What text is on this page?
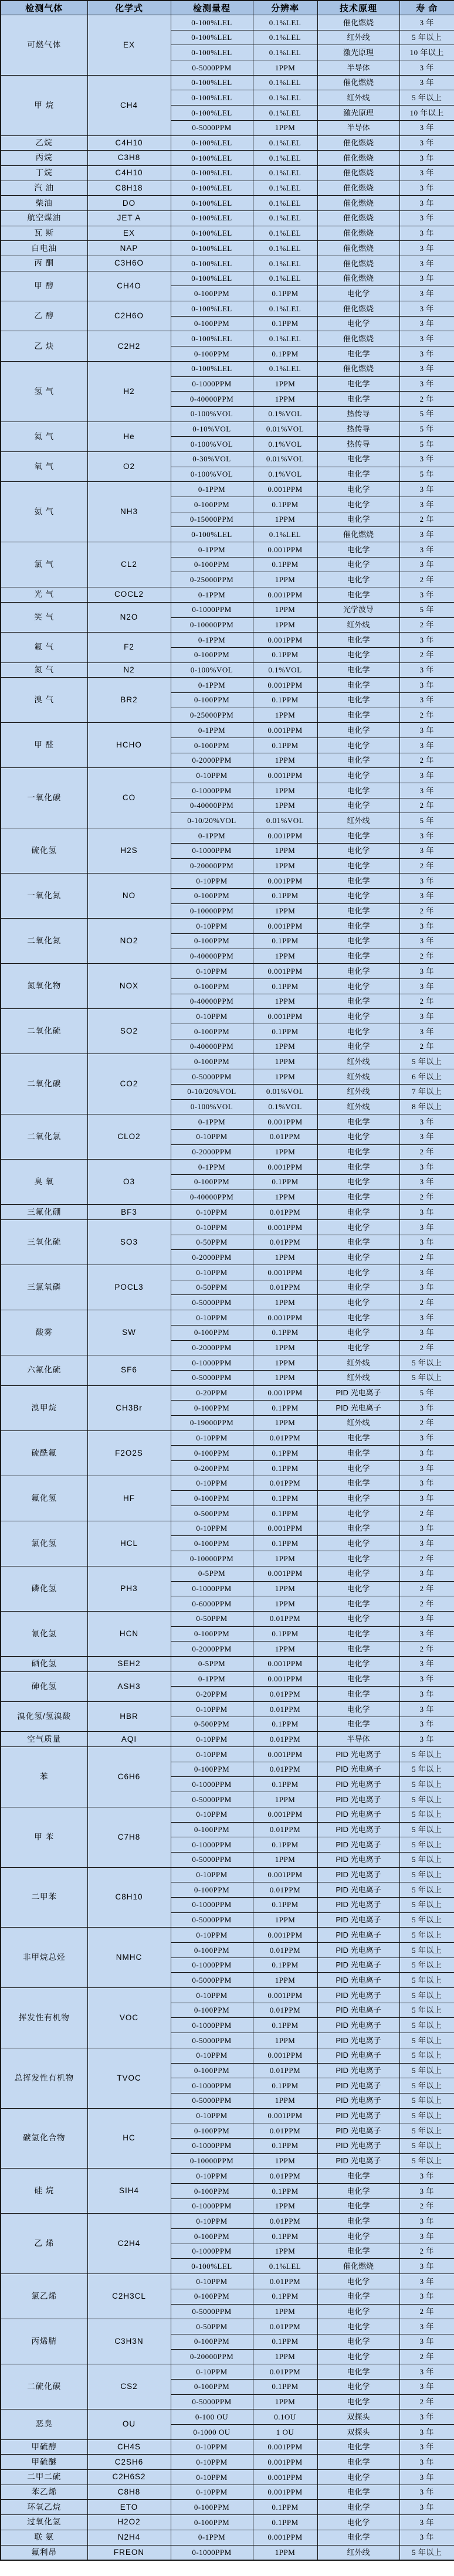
检测气体	化学式	检测量程	分辨率	技术原理	寿 命
可燃气体	EX	0-100%LEL	0.1%LEL	催化燃烧	3 年
		0-100%LEL	0.1%LEL	红外线	5 年以上
		0-100%LEL	0.1%LEL	激光原理	10 年以上
		0-5000PPM	1PPM	半导体	3 年
甲 烷	CH4	0-100%LEL	0.1%LEL	催化燃烧	3 年
		0-100%LEL	0.1%LEL	红外线	5 年以上
		0-100%LEL	0.1%LEL	激光原理	10 年以上
		0-5000PPM	1PPM	半导体	3 年
乙烷	C4H10	0-100%LEL	0.1%LEL	催化燃烧	3 年
丙烷	C3H8	0-100%LEL	0.1%LEL	催化燃烧	3 年
丁烷	C4H10	0-100%LEL	0.1%LEL	催化燃烧	3 年
汽 油	C8H18	0-100%LEL	0.1%LEL	催化燃烧	3 年
柴油	DO	0-100%LEL	0.1%LEL	催化燃烧	3 年
航空煤油	JET A	0-100%LEL	0.1%LEL	催化燃烧	3 年
瓦 斯	EX	0-100%LEL	0.1%LEL	催化燃烧	3 年
白电油	NAP	0-100%LEL	0.1%LEL	催化燃烧	3 年
丙 酮	C3H6O	0-100%LEL	0.1%LEL	催化燃烧	3 年
甲 醇	CH4O	0-100%LEL	0.1%LEL	催化燃烧	3 年
		0-100PPM	0.1PPM	电化学	3 年
乙 醇	C2H6O	0-100%LEL	0.1%LEL	催化燃烧	3 年
		0-100PPM	0.1PPM	电化学	3 年
乙 炔	C2H2	0-100%LEL	0.1%LEL	催化燃烧	3 年
		0-100PPM	0.1PPM	电化学	3 年
氢 气	H2	0-100%LEL	0.1%LEL	催化燃烧	3 年
		0-1000PPM	1PPM	电化学	3 年
		0-40000PPM	1PPM	电化学	2 年
		0-100%VOL	0.1%VOL	热传导	5 年
氦 气	He	0-10%VOL	0.01%VOL	热传导	5 年
		0-100%VOL	0.1%VOL	热传导	5 年
氧 气	O2	0-30%VOL	0.01%VOL	电化学	3 年
		0-100%VOL	0.1%VOL	电化学	5 年
氨 气	NH3	0-1PPM	0.001PPM	电化学	3 年
		0-100PPM	0.1PPM	电化学	3 年
		0-15000PPM	1PPM	电化学	2 年
		0-100%LEL	0.1%LEL	催化燃烧	3 年
氯 气	CL2	0-1PPM	0.001PPM	电化学	3 年
		0-100PPM	0.1PPM	电化学	3 年
		0-25000PPM	1PPM	电化学	2 年
光 气	COCL2	0-1PPM	0.001PPM	电化学	3 年
笑 气	N2O	0-1000PPM	1PPM	光学波导	5 年
		0-10000PPM	1PPM	红外线	2 年
氟 气	F2	0-1PPM	0.001PPM	电化学	3 年
		0-100PPM	0.1PPM	电化学	2 年
氮 气	N2	0-100%VOL	0.1%VOL	电化学	3 年
溴 气	BR2	0-1PPM	0.001PPM	电化学	3 年
		0-100PPM	0.1PPM	电化学	3 年
		0-25000PPM	1PPM	电化学	2 年
甲 醛	HCHO	0-1PPM	0.001PPM	电化学	3 年
		0-100PPM	0.1PPM	电化学	3 年
		0-2000PPM	1PPM	电化学	2 年
一氧化碳	CO	0-10PPM	0.001PPM	电化学	3 年
		0-1000PPM	1PPM	电化学	3 年
		0-40000PPM	1PPM	电化学	2 年
		0-10/20%VOL	0.01%VOL	红外线	5 年
硫化氢	H2S	0-1PPM	0.001PPM	电化学	3 年
		0-1000PPM	1PPM	电化学	3 年
		0-20000PPM	1PPM	电化学	2 年
一氧化氮	NO	0-10PPM	0.001PPM	电化学	3 年
		0-100PPM	0.1PPM	电化学	3 年
		0-10000PPM	1PPM	电化学	2 年
二氧化氮	NO2	0-10PPM	0.001PPM	电化学	3 年
		0-100PPM	0.1PPM	电化学	3 年
		0-40000PPM	1PPM	电化学	2 年
氮氧化物	NOX	0-10PPM	0.001PPM	电化学	3 年
		0-100PPM	0.1PPM	电化学	3 年
		0-40000PPM	1PPM	电化学	2 年
二氧化硫	SO2	0-10PPM	0.001PPM	电化学	3 年
		0-100PPM	0.1PPM	电化学	3 年
		0-40000PPM	1PPM	电化学	2 年
二氧化碳	CO2	0-100PPM	1PPM	红外线	5 年以上
		0-5000PPM	1PPM	红外线	6 年以上
		0-10/20%VOL	0.01%VOL	红外线	7 年以上
		0-100%VOL	0.1%VOL	红外线	8 年以上
二氧化氯	CLO2	0-1PPM	0.001PPM	电化学	3 年
		0-10PPM	0.01PPM	电化学	3 年
		0-2000PPM	1PPM	电化学	2 年
臭 氧	O3	0-1PPM	0.001PPM	电化学	3 年
		0-100PPM	0.1PPM	电化学	3 年
		0-40000PPM	1PPM	电化学	2 年
三氟化硼	BF3	0-10PPM	0.01PPM	电化学	3 年
三氧化硫	SO3	0-10PPM	0.001PPM	电化学	3 年
		0-50PPM	0.01PPM	电化学	3 年
		0-2000PPM	1PPM	电化学	2 年
三氯氧磷	POCL3	0-10PPM	0.001PPM	电化学	3 年
		0-50PPM	0.01PPM	电化学	3 年
		0-5000PPM	1PPM	电化学	2 年
酸雾	SW	0-10PPM	0.001PPM	电化学	3 年
		0-100PPM	0.1PPM	电化学	3 年
		0-2000PPM	1PPM	电化学	2 年
六氟化硫	SF6	0-1000PPM	1PPM	红外线	5 年以上
		0-5000PPM	1PPM	红外线	5 年以上
溴甲烷	CH3Br	0-20PPM	0.001PPM	PID 光电离子	5 年
		0-100PPM	0.1PPM	PID 光电离子	3 年
		0-19000PPM	1PPM	红外线	2 年
硫酰氟	F2O2S	0-10PPM	0.01PPM	电化学	3 年
		0-100PPM	0.1PPM	电化学	3 年
		0-200PPM	0.1PPM	电化学	3 年
氟化氢	HF	0-10PPM	0.01PPM	电化学	3 年
		0-100PPM	0.1PPM	电化学	3 年
		0-500PPM	0.1PPM	电化学	2 年
氯化氢	HCL	0-10PPM	0.001PPM	电化学	3 年
		0-100PPM	0.1PPM	电化学	3 年
		0-10000PPM	1PPM	电化学	2 年
磷化氢	PH3	0-5PPM	0.001PPM	电化学	3 年
		0-1000PPM	1PPM	电化学	2 年
		0-6000PPM	1PPM	电化学	2 年
氰化氢	HCN	0-50PPM	0.01PPM	电化学	3 年
		0-100PPM	0.1PPM	电化学	3 年
		0-2000PPM	1PPM	电化学	2 年
硒化氢	SEH2	0-5PPM	0.001PPM	电化学	3 年
砷化氢	ASH3	0-1PPM	0.001PPM	电化学	3 年
		0-20PPM	0.01PPM	电化学	3 年
溴化氢/氢溴酸	HBR	0-10PPM	0.01PPM	电化学	3 年
		0-500PPM	0.1PPM	电化学	3 年
空气质量	AQI	0-10PPM	0.01PPM	半导体	3 年
苯	C6H6	0-10PPM	0.001PPM	PID 光电离子	5 年以上
		0-100PPM	0.01PPM	PID 光电离子	5 年以上
		0-1000PPM	0.1PPM	PID 光电离子	5 年以上
		0-5000PPM	1PPM	PID 光电离子	5 年以上
甲 苯	C7H8	0-10PPM	0.001PPM	PID 光电离子	5 年以上
		0-100PPM	0.01PPM	PID 光电离子	5 年以上
		0-1000PPM	0.1PPM	PID 光电离子	5 年以上
		0-5000PPM	1PPM	PID 光电离子	5 年以上
二甲苯	C8H10	0-10PPM	0.001PPM	PID 光电离子	5 年以上
		0-100PPM	0.01PPM	PID 光电离子	5 年以上
		0-1000PPM	0.1PPM	PID 光电离子	5 年以上
		0-5000PPM	1PPM	PID 光电离子	5 年以上
非甲烷总烃	NMHC	0-10PPM	0.001PPM	PID 光电离子	5 年以上
		0-100PPM	0.01PPM	PID 光电离子	5 年以上
		0-1000PPM	0.1PPM	PID 光电离子	5 年以上
		0-5000PPM	1PPM	PID 光电离子	5 年以上
挥发性有机物	VOC	0-10PPM	0.001PPM	PID 光电离子	5 年以上
		0-100PPM	0.01PPM	PID 光电离子	5 年以上
		0-1000PPM	0.1PPM	PID 光电离子	5 年以上
		0-5000PPM	1PPM	PID 光电离子	5 年以上
总挥发性有机物	TVOC	0-10PPM	0.001PPM	PID 光电离子	5 年以上
		0-100PPM	0.01PPM	PID 光电离子	5 年以上
		0-1000PPM	0.1PPM	PID 光电离子	5 年以上
		0-5000PPM	1PPM	PID 光电离子	5 年以上
碳氢化合物	HC	0-10PPM	0.001PPM	PID 光电离子	5 年以上
		0-100PPM	0.01PPM	PID 光电离子	5 年以上
		0-1000PPM	0.1PPM	PID 光电离子	5 年以上
		0-10000PPM	1PPM	PID 光电离子	5 年以上
硅 烷	SIH4	0-10PPM	0.01PPM	电化学	3 年
		0-100PPM	0.1PPM	电化学	3 年
		0-1000PPM	1PPM	电化学	2 年
乙 烯	C2H4	0-10PPM	0.01PPM	电化学	3 年
		0-100PPM	0.1PPM	电化学	3 年
		0-1000PPM	1PPM	电化学	2 年
		0-100%LEL	0.1%LEL	催化燃烧	3 年
氯乙烯	C2H3CL	0-10PPM	0.01PPM	电化学	3 年
		0-100PPM	0.1PPM	电化学	3 年
		0-5000PPM	1PPM	电化学	2 年
丙烯腈	C3H3N	0-50PPM	0.01PPM	电化学	3 年
		0-100PPM	0.1PPM	电化学	3 年
		0-20000PPM	1PPM	电化学	2 年
二硫化碳	CS2	0-10PPM	0.01PPM	电化学	3 年
		0-100PPM	0.1PPM	电化学	3 年
		0-5000PPM	1PPM	电化学	2 年
恶臭	OU	0-100 OU	0.1OU	双探头	3 年
		0-1000 OU	1 OU	双探头	3 年
甲硫醇	CH4S	0-10PPM	0.001PPM	电化学	3 年
甲硫醚	C2SH6	0-10PPM	0.001PPM	电化学	3 年
二甲二硫	C2H6S2	0-10PPM	0.001PPM	电化学	3 年
苯乙烯	C8H8	0-10PPM	0.001PPM	电化学	3 年
环氧乙烷	ETO	0-100PPM	0.1PPM	电化学	3 年
过氧化氢	H2O2	0-100PPM	0.1PPM	电化学	3 年
联 氨	N2H4	0-1PPM	0.001PPM	电化学	3 年
氟利昂	FREON	0-1000PPM	1PPM	红外线	5 年以上
